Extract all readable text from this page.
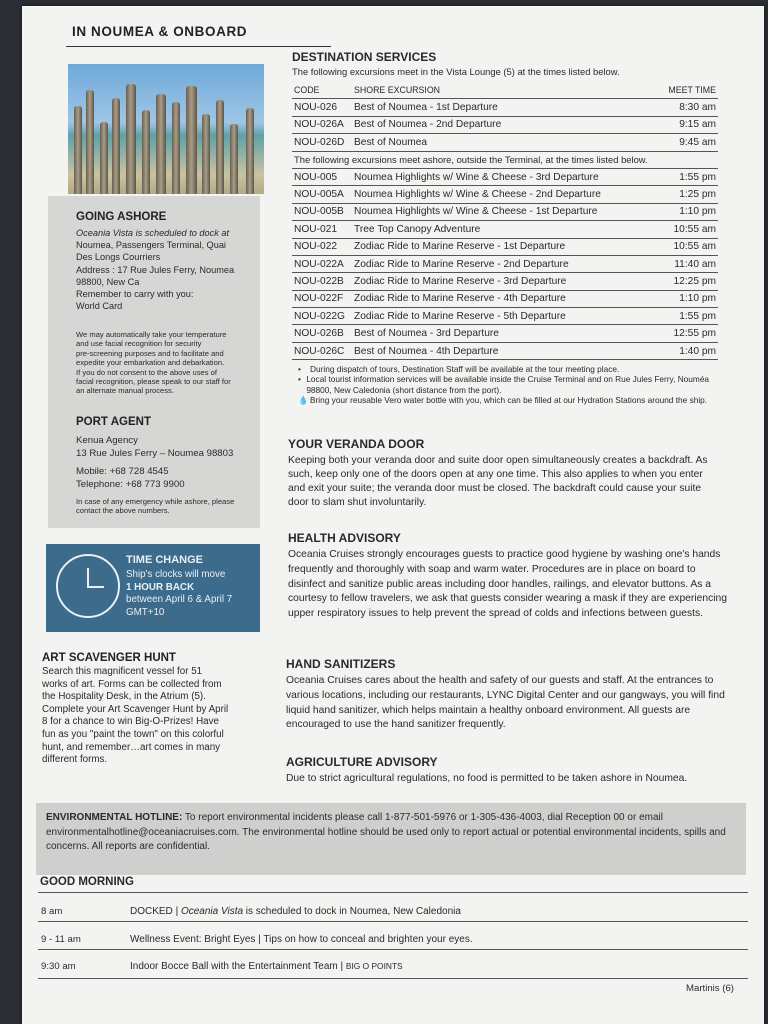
IN NOUMEA & ONBOARD
GOING ASHORE
Oceania Vista is scheduled to dock at
Noumea, Passengers Terminal, Quai
Des Longs Courriers
Address : 17 Rue Jules Ferry, Noumea
98800, New Ca
Remember to carry with you:
World Card
We may automatically take your temperature
and use facial recognition for security
pre-screening purposes and to facilitate and
expedite your embarkation and debarkation.
If you do not consent to the above uses of
facial recognition, please speak to our staff for
an alternate manual process.
PORT AGENT
Kenua Agency
13 Rue Jules Ferry – Noumea 98803
Mobile: +68 728 4545
Telephone: +68 773 9900
In case of any emergency while ashore, please
contact the above numbers.
TIME CHANGE
Ship's clocks will move
1 HOUR BACK
between April 6 & April 7
GMT+10
ART SCAVENGER HUNT
Search this magnificent vessel for 51
works of art. Forms can be collected from
the Hospitality Desk, in the Atrium (5).
Complete your Art Scavenger Hunt by April
8 for a chance to win Big-O-Prizes! Have
fun as you "paint the town" on this colorful
hunt, and remember…art comes in many
different forms.
DESTINATION SERVICES
The following excursions meet in the Vista Lounge (5) at the times listed below.
CODE	SHORE EXCURSION	MEET TIME
NOU-026	Best of Noumea - 1st Departure	8:30 am
NOU-026A	Best of Noumea - 2nd Departure	9:15 am
NOU-026D	Best of Noumea	9:45 am
The following excursions meet ashore, outside the Terminal, at the times listed below.		
NOU-005	Noumea Highlights w/ Wine & Cheese - 3rd Departure	1:55 pm
NOU-005A	Noumea Highlights w/ Wine & Cheese - 2nd Departure	1:25 pm
NOU-005B	Noumea Highlights w/ Wine & Cheese - 1st Departure	1:10 pm
NOU-021	Tree Top Canopy Adventure	10:55 am
NOU-022	Zodiac Ride to Marine Reserve - 1st Departure	10:55 am
NOU-022A	Zodiac Ride to Marine Reserve - 2nd Departure	11:40 am
NOU-022B	Zodiac Ride to Marine Reserve - 3rd Departure	12:25 pm
NOU-022F	Zodiac Ride to Marine Reserve - 4th Departure	1:10 pm
NOU-022G	Zodiac Ride to Marine Reserve - 5th Departure	1:55 pm
NOU-026B	Best of Noumea - 3rd Departure	12:55 pm
NOU-026C	Best of Noumea - 4th Departure	1:40 pm
•	During dispatch of tours, Destination Staff will be available at the tour meeting place.
• Local tourist information services will be available inside the Cruise Terminal and on Rue Jules Ferry, Nouméa 98800, New Caledonia (short distance from the port).
💧 Bring your reusable Vero water bottle with you, which can be filled at our Hydration Stations around the ship.
YOUR VERANDA DOOR
Keeping both your veranda door and suite door open simultaneously creates a backdraft. As such, keep only one of the doors open at any one time. This also applies to when you enter and exit your suite; the veranda door must be closed. The backdraft could cause your suite door to slam shut involuntarily.
HEALTH ADVISORY
Oceania Cruises strongly encourages guests to practice good hygiene by washing one's hands frequently and thoroughly with soap and warm water. Procedures are in place on board to disinfect and sanitize public areas including door handles, railings, and elevator buttons. As a courtesy to fellow travelers, we ask that guests consider wearing a mask if they are experiencing upper respiratory issues to help prevent the spread of colds and infections between guests.
HAND SANITIZERS
Oceania Cruises cares about the health and safety of our guests and staff. At the entrances to various locations, including our restaurants, LYNC Digital Center and our gangways, you will find liquid hand sanitizer, which helps maintain a healthy onboard environment. All guests are encouraged to use the hand sanitizer frequently.
AGRICULTURE ADVISORY
Due to strict agricultural regulations, no food is permitted to be taken ashore in Noumea.
ENVIRONMENTAL HOTLINE: To report environmental incidents please call 1-877-501-5976 or 1-305-436-4003, dial Reception 00 or email environmentalhotline@oceaniacruises.com. The environmental hotline should be used only to report actual or potential environmental incidents, spills and concerns. All reports are confidential.
GOOD MORNING
8 am	DOCKED | Oceania Vista is scheduled to dock in Noumea, New Caledonia
9 - 11 am	Wellness Event: Bright Eyes | Tips on how to conceal and brighten your eyes.
9:30 am	Indoor Bocce Ball with the Entertainment Team | BIG O POINTS
Martinis (6)
